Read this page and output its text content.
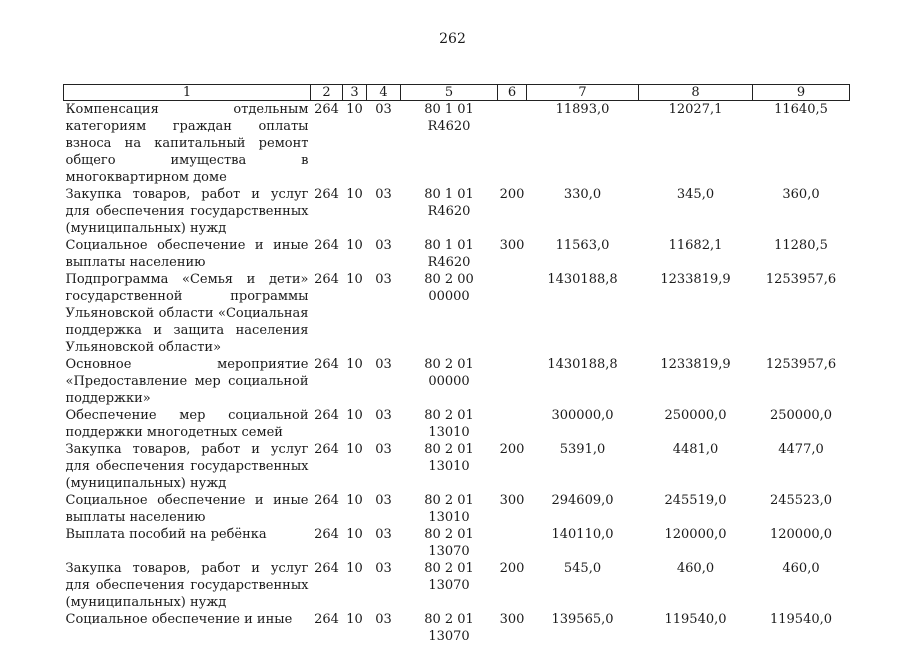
262
1	2	3	4	5	6	7	8	9
Компенсация отдельным категориям граждан оплаты взноса на капитальный ремонт общего имущества в многоквартирном доме	264	10	03	80 1 01 R4620		11893,0	12027,1	11640,5
Закупка товаров, работ и услуг для обеспечения государственных (муниципальных) нужд	264	10	03	80 1 01 R4620	200	330,0	345,0	360,0
Социальное обеспечение и иные выплаты населению	264	10	03	80 1 01 R4620	300	11563,0	11682,1	11280,5
Подпрограмма «Семья и дети» государственной программы Ульяновской области «Социальная поддержка и защита населения Ульяновской области»	264	10	03	80 2 00 00000		1430188,8	1233819,9	1253957,6
Основное мероприятие «Предоставление мер социальной поддержки»	264	10	03	80 2 01 00000		1430188,8	1233819,9	1253957,6
Обеспечение мер социальной поддержки многодетных семей	264	10	03	80 2 01 13010		300000,0	250000,0	250000,0
Закупка товаров, работ и услуг для обеспечения государственных (муниципальных) нужд	264	10	03	80 2 01 13010	200	5391,0	4481,0	4477,0
Социальное обеспечение и иные выплаты населению	264	10	03	80 2 01 13010	300	294609,0	245519,0	245523,0
Выплата пособий на ребёнка	264	10	03	80 2 01 13070		140110,0	120000,0	120000,0
Закупка товаров, работ и услуг для обеспечения государственных (муниципальных) нужд	264	10	03	80 2 01 13070	200	545,0	460,0	460,0
Социальное обеспечение и иные	264	10	03	80 2 01 13070	300	139565,0	119540,0	119540,0
